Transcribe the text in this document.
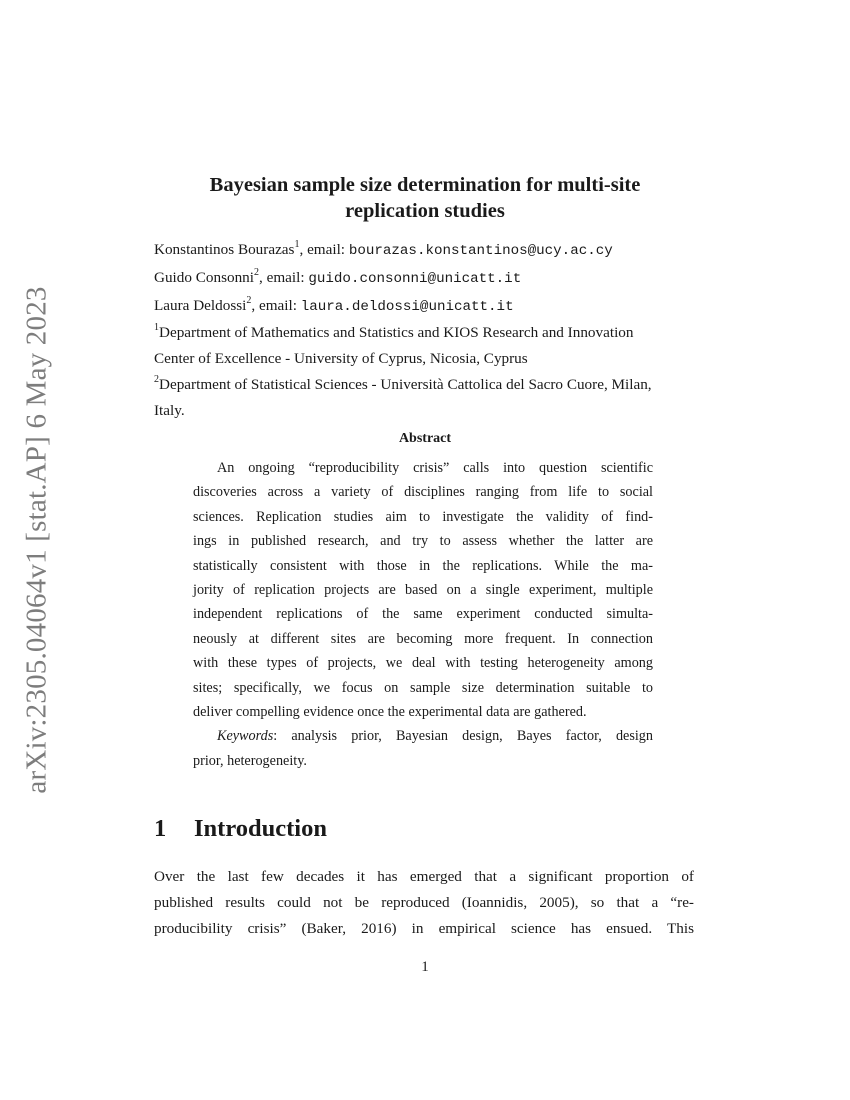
arXiv:2305.04064v1 [stat.AP] 6 May 2023
Bayesian sample size determination for multi-site
replication studies
Konstantinos Bourazas$^1$, email: bourazas.konstantinos@ucy.ac.cy
Guido Consonni$^2$, email: guido.consonni@unicatt.it
Laura Deldossi$^2$, email: laura.deldossi@unicatt.it
$^1$Department of Mathematics and Statistics and KIOS Research and Innovation
Center of Excellence - University of Cyprus, Nicosia, Cyprus
$^2$Department of Statistical Sciences - Università Cattolica del Sacro Cuore, Milan,
Italy.
Abstract
An ongoing “reproducibility crisis” calls into question scientific
discoveries across a variety of disciplines ranging from life to social
sciences. Replication studies aim to investigate the validity of find-
ings in published research, and try to assess whether the latter are
statistically consistent with those in the replications. While the ma-
jority of replication projects are based on a single experiment, multiple
independent replications of the same experiment conducted simulta-
neously at different sites are becoming more frequent. In connection
with these types of projects, we deal with testing heterogeneity among
sites; specifically, we focus on sample size determination suitable to
deliver compelling evidence once the experimental data are gathered.
Keywords: analysis prior, Bayesian design, Bayes factor, design
prior, heterogeneity.
1 Introduction
Over the last few decades it has emerged that a significant proportion of
published results could not be reproduced (Ioannidis, 2005), so that a “re-
producibility crisis” (Baker, 2016) in empirical science has ensued. This
1
